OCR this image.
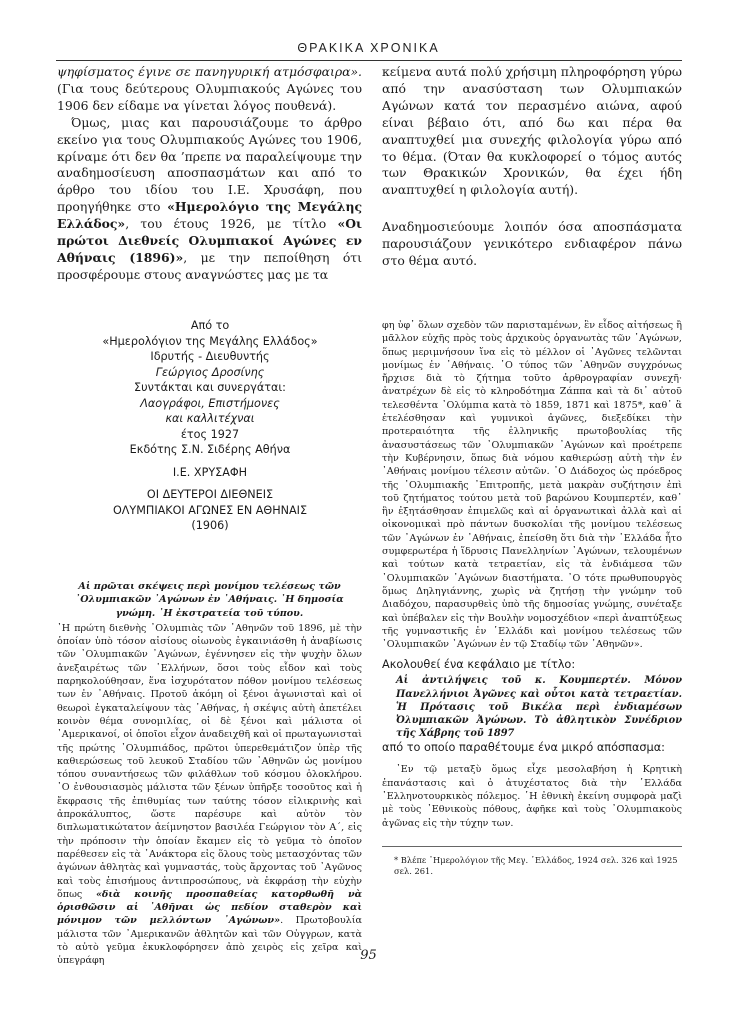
ΘΡΑΚΙΚΑ ΧΡΟΝΙΚΑ

ψηφίσματος έγινε σε πανηγυρική ατμόσφαιρα». (Για τους δεύτερους Ολυμπιακούς Αγώνες του 1906 δεν είδαμε να γίνεται λόγος πουθενά).

Όμως, μιας και παρουσιάζουμε το άρθρο εκείνο για τους Ολυμπιακούς Αγώνες του 1906, κρίναμε ότι δεν θα ’πρεπε να παραλείψουμε την αναδημοσίευση αποσπασμάτων και από το άρθρο του ιδίου του Ι.Ε. Χρυσάφη, που προηγήθηκε στο «Ημερολόγιο της Μεγάλης Ελλάδος», του έτους 1926, με τίτλο «Οι πρώτοι Διεθνείς Ολυμπιακοί Αγώνες εν Αθήναις (1896)», με την πεποίθηση ότι προσφέρουμε στους αναγνώστες μας με τα

κείμενα αυτά πολύ χρήσιμη πληροφόρηση γύρω από την ανασύσταση των Ολυμπιακών Αγώνων κατά τον περασμένο αιώνα, αφού είναι βέβαιο ότι, από δω και πέρα θα αναπτυχθεί μια συνεχής φιλολογία γύρω από το θέμα. (Όταν θα κυκλοφορεί ο τόμος αυτός των Θρακικών Χρονικών, θα έχει ήδη αναπτυχθεί η φιλολογία αυτή).

Αναδημοσιεύουμε λοιπόν όσα αποσπάσματα παρουσιάζουν γενικότερο ενδιαφέρον πάνω στο θέμα αυτό.

Από το
«Ημερολόγιον της Μεγάλης Ελλάδος»
Ιδρυτής - Διευθυντής
Γεώργιος Δροσίνης
Συντάκται και συνεργάται:
Λαογράφοι, Επιστήμονες
και καλλιτέχναι
έτος 1927
Εκδότης Σ.Ν. Σιδέρης Αθήνα
Ι.Ε. ΧΡΥΣΑΦΗ
ΟΙ ΔΕΥΤΕΡΟΙ ΔΙΕΘΝΕΙΣ
ΟΛΥΜΠΙΑΚΟΙ ΑΓΩΝΕΣ ΕΝ ΑΘΗΝΑΙΣ
(1906)
Αἱ πρῶται σκέψεις περὶ μονίμου τελέσεως τῶν ᾽Ολυμπιακῶν ᾽Αγώνων ἐν ᾽Αθήναις. ᾽Η δημοσία γνώμη. ᾽Η ἐκστρατεία τοῦ τύπου.

᾽Η πρώτη διεθνὴς ᾽Ολυμπιὰς τῶν ᾽Αθηνῶν τοῦ 1896, μὲ τὴν ὁποίαν ὑπὸ τόσον αἰσίους οἰωνοὺς ἐγκαινιάσθη ἡ ἀναβίωσις τῶν ᾽Ολυμπιακῶν ᾽Αγώνων, ἐγέννησεν εἰς τὴν ψυχὴν ὅλων ἀνεξαιρέτως τῶν ῾Ελλήνων, ὅσοι τοὺς εἶδον καὶ τοὺς παρηκολούθησαν, ἕνα ἰσχυρότατον πόθον μονίμου τελέσεως των ἐν ᾽Αθήναις. Προτοῦ ἀκόμη οἱ ξένοι ἀγωνισταὶ καὶ οἱ θεωροὶ ἐγκαταλείψουν τὰς ᾽Αθήνας, ἡ σκέψις αὐτὴ ἀπετέλει κοινὸν θέμα συνομιλίας, οἱ δὲ ξένοι καὶ μάλιστα οἱ ᾽Αμερικανοί, οἱ ὁποῖοι εἶχον ἀναδειχθῆ καὶ οἱ πρωταγωνισταὶ τῆς πρώτης ᾽Ολυμπιάδος, πρῶτοι ὑπερεθεμάτιζον ὑπὲρ τῆς καθιερώσεως τοῦ λευκοῦ Σταδίου τῶν ᾽Αθηνῶν ὡς μονίμου τόπου συναντήσεως τῶν φιλάθλων τοῦ κόσμου ὁλοκλήρου. ῾Ο ἐνθουσιασμὸς μάλιστα τῶν ξένων ὑπῆρξε τοσοῦτος καὶ ἡ ἔκφρασις τῆς ἐπιθυμίας των ταύτης τόσον εἰλικρινὴς καὶ ἀπροκάλυπτος, ὥστε παρέσυρε καὶ αὐτὸν τὸν διπλωματικώτατον ἀείμνηστον βασιλέα Γεώργιον τὸν Α΄, εἰς τὴν πρόποσιν τὴν ὁποίαν ἔκαμεν εἰς τὸ γεῦμα τὸ ὁποῖον παρέθεσεν εἰς τὰ ᾽Ανάκτορα εἰς ὅλους τοὺς μετασχόντας τῶν ἀγώνων ἀθλητὰς καὶ γυμναστάς, τοὺς ἄρχοντας τοῦ ᾽Αγῶνος καὶ τοὺς ἐπισήμους ἀντιπροσώπους, νὰ ἐκφράσῃ τὴν εὐχὴν ὅπως «διὰ κοινῆς προσπαθείας κατορθωθῆ νὰ ὁρισθῶσιν αἱ ᾽Αθῆναι ὡς πεδίον σταθερὸν καὶ μόνιμον τῶν μελλόντων ᾽Αγώνων». Πρωτοβουλία μάλιστα τῶν ᾽Αμερικανῶν ἀθλητῶν καὶ τῶν Οὐγγρων, κατὰ τὸ αὐτὸ γεῦμα ἐκυκλοφόρησεν ἀπὸ χειρὸς εἰς χεῖρα καὶ ὑπεγράφη

φη ὑφ᾽ ὅλων σχεδὸν τῶν παρισταμένων, ἓν εἶδος αἰτήσεως ἢ μᾶλλον εὐχῆς πρὸς τοὺς ἁρχικοὺς ὀργανωτὰς τῶν ᾽Αγώνων, ὅπως μεριμνήσουν ἵνα εἰς τὸ μέλλον οἱ ᾽Αγῶνες τελῶνται μονίμως ἐν ᾽Αθήναις. ᾽Ο τύπος τῶν ᾽Αθηνῶν συγχρόνως ἤρχισε διὰ τὸ ζήτημα τοῦτο ἀρθρογραφίαν συνεχῆ· ἀνατρέχων δὲ εἰς τὸ κληροδότημα Ζάππα καὶ τὰ δι᾽ αὐτοῦ τελεσθέντα ᾽Ολύμπια κατὰ τὸ 1859, 1871 καὶ 1875*, καθ᾽ ἃ ἐτελέσθησαν καὶ γυμνικοὶ ἀγῶνες, διεξεδίκει τὴν προτεραιότητα τῆς ἑλληνικῆς πρωτοβουλίας τῆς ἀνασυστάσεως τῶν ᾽Ολυμπιακῶν ᾽Αγώνων καὶ προέτρεπε τὴν Κυβέρνησιν, ὅπως διὰ νόμου καθιερώσῃ αὐτὴ τὴν ἐν ᾽Αθήναις μονίμου τέλεσιν αὐτῶν. ᾽Ο Διάδοχος ὡς πρόεδρος τῆς ᾽Ολυμπιακῆς ᾽Επιτροπῆς, μετὰ μακρὰν συζήτησιν ἐπὶ τοῦ ζητήματος τούτου μετὰ τοῦ βαρώνου Κουμπερτέν, καθ᾽ ἣν ἐξητάσθησαν ἐπιμελῶς καὶ αἱ ὀργανωτικαὶ ἀλλὰ καὶ αἱ οἰκονομικαὶ πρὸ πάντων δυσκολίαι τῆς μονίμου τελέσεως τῶν ᾽Αγώνων ἐν ᾽Αθήναις, ἐπείσθη ὅτι διὰ τὴν ῾Ελλάδα ἦτο συμφερωτέρα ἡ ἵδρυσις Πανελληνίων ᾽Αγώνων, τελουμένων καὶ τούτων κατὰ τετραετίαν, εἰς τὰ ἐνδιάμεσα τῶν ᾽Ολυμπιακῶν ᾽Αγώνων διαστήματα. ᾽Ο τότε πρωθυπουργὸς ὅμως Δηληγιάννης, χωρὶς νὰ ζητήσῃ τὴν γνώμην τοῦ Διαδόχου, παρασυρθεὶς ὑπὸ τῆς δημοσίας γνώμης, συνέταξε καὶ ὑπέβαλεν εἰς τὴν Βουλὴν νομοσχέδιον «περὶ ἀναπτύξεως τῆς γυμναστικῆς ἐν ῾Ελλάδι καὶ μονίμου τελέσεως τῶν ᾽Ολυμπιακῶν ᾽Αγώνων ἐν τῷ Σταδίῳ τῶν ᾽Αθηνῶν».

Ακολουθεί ένα κεφάλαιο με τίτλο:

Αἱ ἀντιλήψεις τοῦ κ. Κουμπερτέν. Μόνον Πανελλήνιοι Ἀγῶνες καὶ οὗτοι κατὰ τετραετίαν. Ἡ Πρότασις τοῦ Βικέλα περὶ ἐνδιαμέσων Ὀλυμπιακῶν Ἀγώνων. Τὸ ἀθλητικὸν Συνέδριον τῆς Χάβρης τοῦ 1897

από το οποίο παραθέτουμε ένα μικρό απόσπασμα:

᾽Εν τῷ μεταξὺ ὅμως εἶχε μεσολαβήση ἡ Κρητικὴ ἐπανάστασις καὶ ὁ ἀτυχέστατος διὰ τὴν ῾Ελλάδα ῾Ελληνοτουρκικὸς πόλεμος. ῾Η ἐθνικὴ ἐκείνη συμφορὰ μαζὶ μὲ τοὺς ᾽Εθνικοὺς πόθους, ἀφῆκε καὶ τοὺς ᾽Ολυμπιακοὺς ἀγῶνας εἰς τὴν τύχην των.

* Βλέπε ᾽Ημερολόγιον τῆς Μεγ. ῾Ελλάδος, 1924 σελ. 326 καὶ 1925 σελ. 261.

95
